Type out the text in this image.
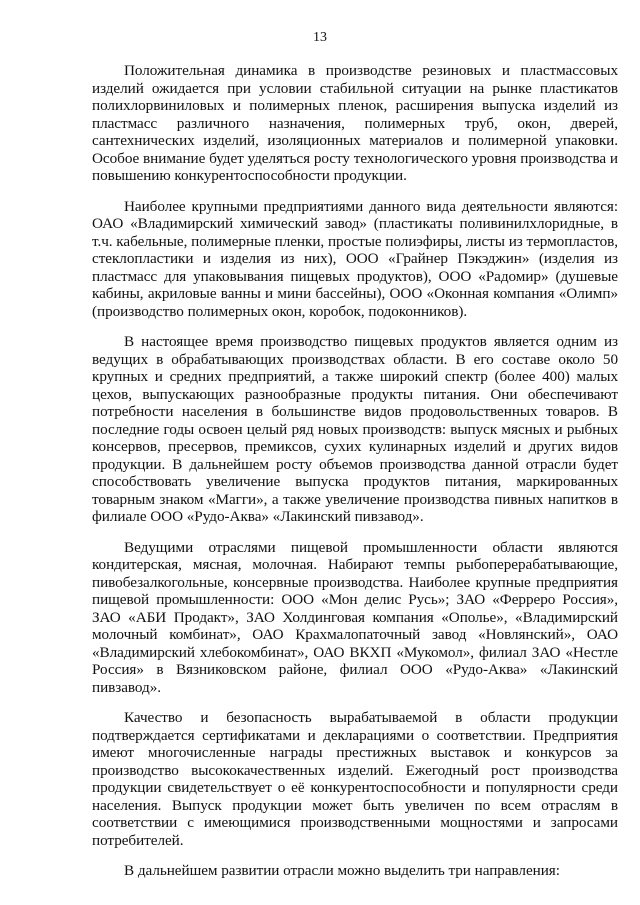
13

Положительная динамика в производстве резиновых и пластмассовых изделий ожидается при условии стабильной ситуации на рынке пластикатов полихлорвиниловых и полимерных пленок, расширения выпуска изделий из пластмасс различного назначения, полимерных труб, окон, дверей, сантехнических изделий, изоляционных материалов и полимерной упаковки. Особое внимание будет уделяться росту технологического уровня производства и повышению конкурентоспособности продукции.

Наиболее крупными предприятиями данного вида деятельности являются: ОАО «Владимирский химический завод» (пластикаты поливинилхлоридные, в т.ч. кабельные, полимерные пленки, простые полиэфиры, листы из термопластов, стеклопластики и изделия из них), ООО «Грайнер Пэкэджин» (изделия из пластмасс для упаковывания пищевых продуктов), ООО «Радомир» (душевые кабины, акриловые ванны и мини бассейны), ООО «Оконная компания «Олимп» (производство полимерных окон, коробок, подоконников).

В настоящее время производство пищевых продуктов является одним из ведущих в обрабатывающих производствах области. В его составе около 50 крупных и средних предприятий, а также широкий спектр (более 400) малых цехов, выпускающих разнообразные продукты питания. Они обеспечивают потребности населения в большинстве видов продовольственных товаров. В последние годы освоен целый ряд новых производств: выпуск мясных и рыбных консервов, пресервов, премиксов, сухих кулинарных изделий и других видов продукции. В дальнейшем росту объемов производства данной отрасли будет способствовать увеличение выпуска продуктов питания, маркированных товарным знаком «Магги», а также увеличение производства пивных напитков в филиале ООО «Рудо-Аква» «Лакинский пивзавод».

Ведущими отраслями пищевой промышленности области являются кондитерская, мясная, молочная. Набирают темпы рыбоперерабатывающие, пивобезалкогольные, консервные производства. Наиболее крупные предприятия пищевой промышленности: ООО «Мон делис Русь»; ЗАО «Ферреро Россия», ЗАО «АБИ Продакт», ЗАО Холдинговая компания «Ополье», «Владимирский молочный комбинат», ОАО Крахмалопаточный завод «Новлянский», ОАО «Владимирский хлебокомбинат», ОАО ВКХП «Мукомол», филиал ЗАО «Нестле Россия» в Вязниковском районе, филиал ООО «Рудо-Аква» «Лакинский пивзавод».

Качество и безопасность вырабатываемой в области продукции подтверждается сертификатами и декларациями о соответствии. Предприятия имеют многочисленные награды престижных выставок и конкурсов за производство высококачественных изделий. Ежегодный рост производства продукции свидетельствует о её конкурентоспособности и популярности среди населения. Выпуск продукции может быть увеличен по всем отраслям в соответствии с имеющимися производственными мощностями и запросами потребителей.

В дальнейшем развитии отрасли можно выделить три направления:
